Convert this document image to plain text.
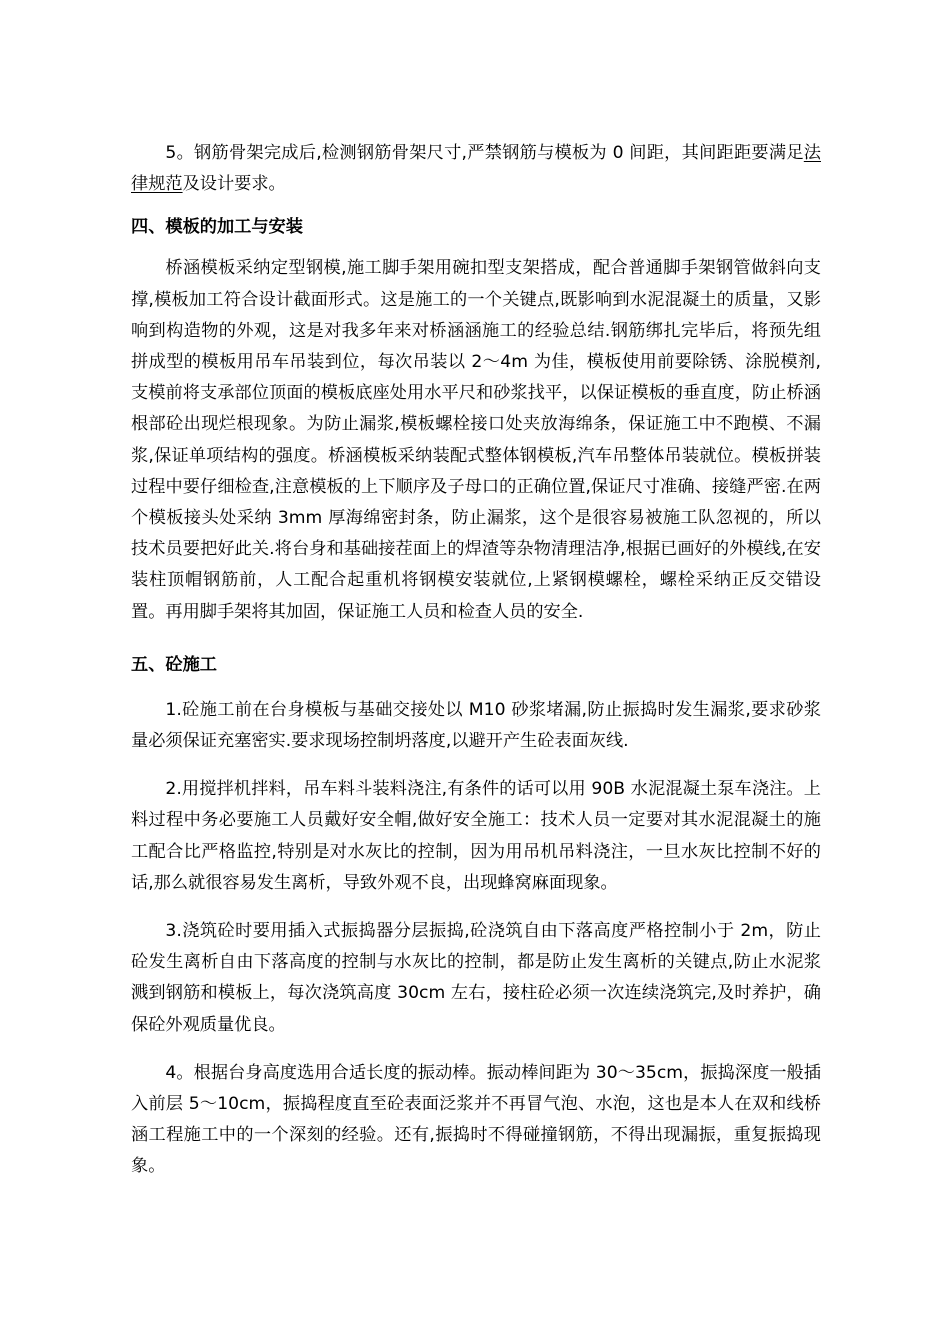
5。钢筋骨架完成后,检测钢筋骨架尺寸,严禁钢筋与模板为 0 间距，其间距距要满足法律规范及设计要求。

四、模板的加工与安装

桥涵模板采纳定型钢模,施工脚手架用碗扣型支架搭成，配合普通脚手架钢管做斜向支撑,模板加工符合设计截面形式。这是施工的一个关键点,既影响到水泥混凝土的质量，又影响到构造物的外观，这是对我多年来对桥涵涵施工的经验总结.钢筋绑扎完毕后，将预先组拼成型的模板用吊车吊装到位，每次吊装以 2～4m 为佳，模板使用前要除锈、涂脱模剂,支模前将支承部位顶面的模板底座处用水平尺和砂浆找平，以保证模板的垂直度，防止桥涵根部砼出现烂根现象。为防止漏浆,模板螺栓接口处夹放海绵条，保证施工中不跑模、不漏浆,保证单项结构的强度。桥涵模板采纳装配式整体钢模板,汽车吊整体吊装就位。模板拼装过程中要仔细检查,注意模板的上下顺序及子母口的正确位置,保证尺寸准确、接缝严密.在两个模板接头处采纳 3mm 厚海绵密封条，防止漏浆，这个是很容易被施工队忽视的，所以技术员要把好此关.将台身和基础接茬面上的焊渣等杂物清理洁净,根据已画好的外模线,在安装柱顶帽钢筋前，人工配合起重机将钢模安装就位,上紧钢模螺栓，螺栓采纳正反交错设置。再用脚手架将其加固，保证施工人员和检查人员的安全.

五、砼施工

1.砼施工前在台身模板与基础交接处以 M10 砂浆堵漏,防止振捣时发生漏浆,要求砂浆量必须保证充塞密实.要求现场控制坍落度,以避开产生砼表面灰线.

2.用搅拌机拌料，吊车料斗装料浇注,有条件的话可以用 90B 水泥混凝土泵车浇注。上料过程中务必要施工人员戴好安全帽,做好安全施工：技术人员一定要对其水泥混凝土的施工配合比严格监控,特别是对水灰比的控制，因为用吊机吊料浇注，一旦水灰比控制不好的话,那么就很容易发生离析，导致外观不良，出现蜂窝麻面现象。

3.浇筑砼时要用插入式振捣器分层振捣,砼浇筑自由下落高度严格控制小于 2m，防止砼发生离析自由下落高度的控制与水灰比的控制，都是防止发生离析的关键点,防止水泥浆溅到钢筋和模板上，每次浇筑高度 30cm 左右，接柱砼必须一次连续浇筑完,及时养护，确保砼外观质量优良。

4。根据台身高度选用合适长度的振动棒。振动棒间距为 30～35cm，振捣深度一般插入前层 5～10cm，振捣程度直至砼表面泛浆并不再冒气泡、水泡，这也是本人在双和线桥涵工程施工中的一个深刻的经验。还有,振捣时不得碰撞钢筋，不得出现漏振，重复振捣现象。
